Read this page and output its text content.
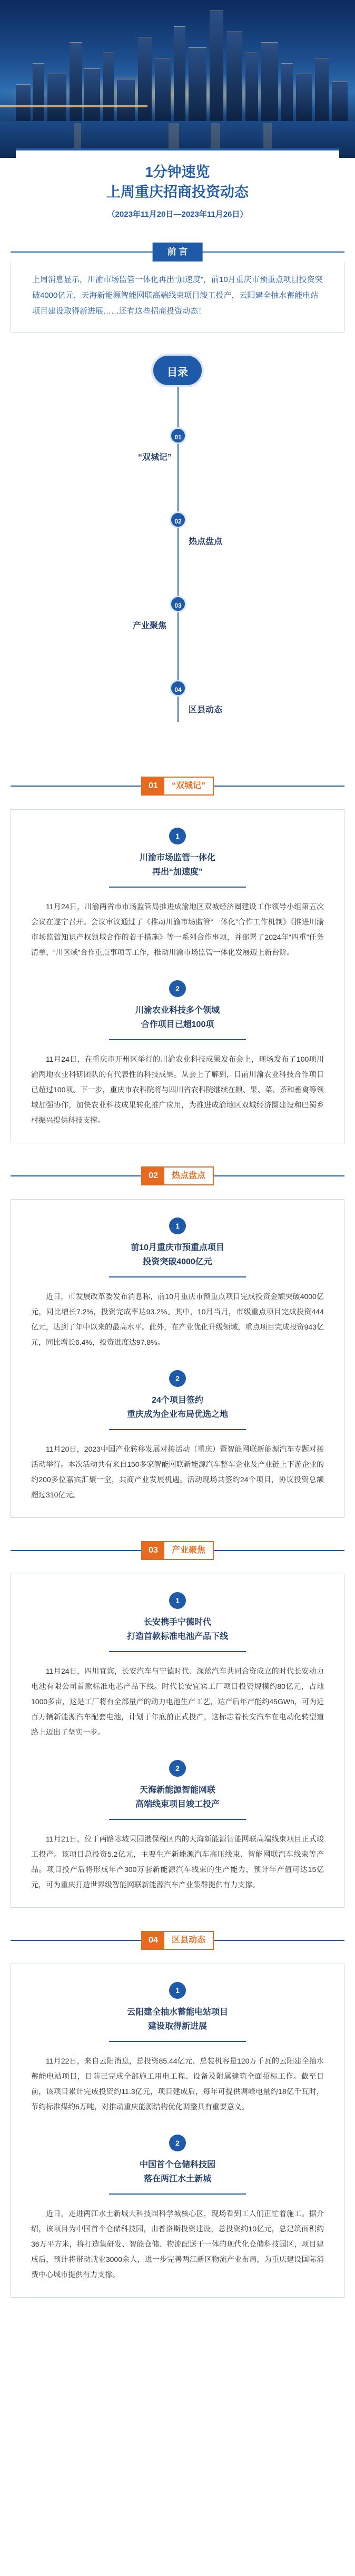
1分钟速览
上周重庆招商投资动态
（2023年11月20日—2023年11月26日）
前 言
上周消息显示，川渝市场监管一体化再出“加速度”，前10月重庆市预重点项目投资突破4000亿元，天海新能源智能网联高端线束项目竣工投产，云阳建全抽水蓄能电站项目建设取得新进展……还有这些招商投资动态！
目录
01
“双城记”
02
热点盘点
03
产业聚焦
04
区县动态
01	“双城记”
1
川渝市场监管一体化
再出“加速度”
11月24日，川渝两省市市场监管局推进成渝地区双城经济圈建设工作领导小组第五次会议在遂宁召开。会议审议通过了《推动川渝市场监管“一体化”合作工作机制》《推进川渝市场监管知识产权领域合作的若干措施》等一系列合作事项，并部署了2024年“四重”任务清单、“川区域”合作重点事项等工作，推动川渝市场监管一体化发展迈上新台阶。
2
川渝农业科技多个领域
合作项目已超100项
11月24日，在重庆市开州区举行的川渝农业科技成果发布会上，现场发布了100项川渝两地农业科研团队的有代表性的科技成果。从会上了解到，目前川渝农业科技合作项目已超过100项。下一步，重庆市农科院将与四川省农科院继续在粮、果、菜、茶和畜禽等领域加强协作，加快农业科技成果转化推广应用，为推进成渝地区双城经济圈建设和巴蜀乡村振兴提供科技支撑。
02	热点盘点
1
前10月重庆市预重点项目
投资突破4000亿元
近日，市发展改革委发布消息称，前10月重庆市预重点项目完成投资金额突破4000亿元，同比增长7.2%，投资完成率达93.2%。其中，10月当月，市级重点项目完成投资444亿元，达到了年中以来的最高水平。此外，在产业优化升级领域，重点项目完成投资943亿元，同比增长6.4%，投资进度达97.8%。
2
24个项目签约
重庆成为企业布局优选之地
11月20日，2023中国产业转移发展对接活动（重庆）暨智能网联新能源汽车专题对接活动举行。本次活动共有来自150多家智能网联新能源汽车整车企业及产业链上下游企业的约200多位嘉宾汇聚一堂，共商产业发展机遇。活动现场共签约24个项目，协议投资总额超过310亿元。
03	产业聚焦
1
长安携手宁德时代
打造首款标准电池产品下线
11月24日，四川宜宾，长安汽车与宁德时代、深蓝汽车共同合资成立的时代长安动力电池有限公司首款标准电芯产品下线。时代长安宜宾工厂项目投资规模约80亿元，占地1000多亩，这是工厂将有全部量产的动力电池生产工艺，达产后年产能约45GWh，可为近百万辆新能源汽车配套电池，计划于年底前正式投产，这标志着长安汽车在电动化转型道路上迈出了坚实一步。
2
天海新能源智能网联
高端线束项目竣工投产
11月21日，位于两路寒坡果园港保税区内的天海新能源智能网联高端线束项目正式竣工投产。该项目总投资5.2亿元，主要生产新能源汽车高压线束、智能网联汽车线束等产品。项目投产后将形成年产300万套新能源汽车线束的生产能力，预计年产值可达15亿元，可为重庆打造世界级智能网联新能源汽车产业集群提供有力支撑。
04	区县动态
1
云阳建全抽水蓄能电站项目
建设取得新进展
11月22日，来自云阳消息，总投资85.44亿元、总装机容量120万千瓦的云阳建全抽水蓄能电站项目，目前已完成全部施工用电工程、设备及附属建筑全面招标工作。截至目前，该项目累计完成投资约11.3亿元，项目建成后，每年可提供调峰电量约18亿千瓦时，节约标准煤约6万吨，对推动重庆能源结构优化调整具有重要意义。
2
中国首个仓储科技园
落在两江水土新城
近日，走进两江水土新城大科技园科学城核心区，现场看到工人们正忙着施工。据介绍，该项目为中国首个仓储科技园，由普洛斯投资建设，总投资约10亿元，总建筑面积约36万平方米，将打造集研发、智能仓储、物流配送于一体的现代化仓储科技园区，项目建成后，预计将带动就业3000余人，进一步完善两江新区物流产业布局，为重庆建设国际消费中心城市提供有力支撑。
